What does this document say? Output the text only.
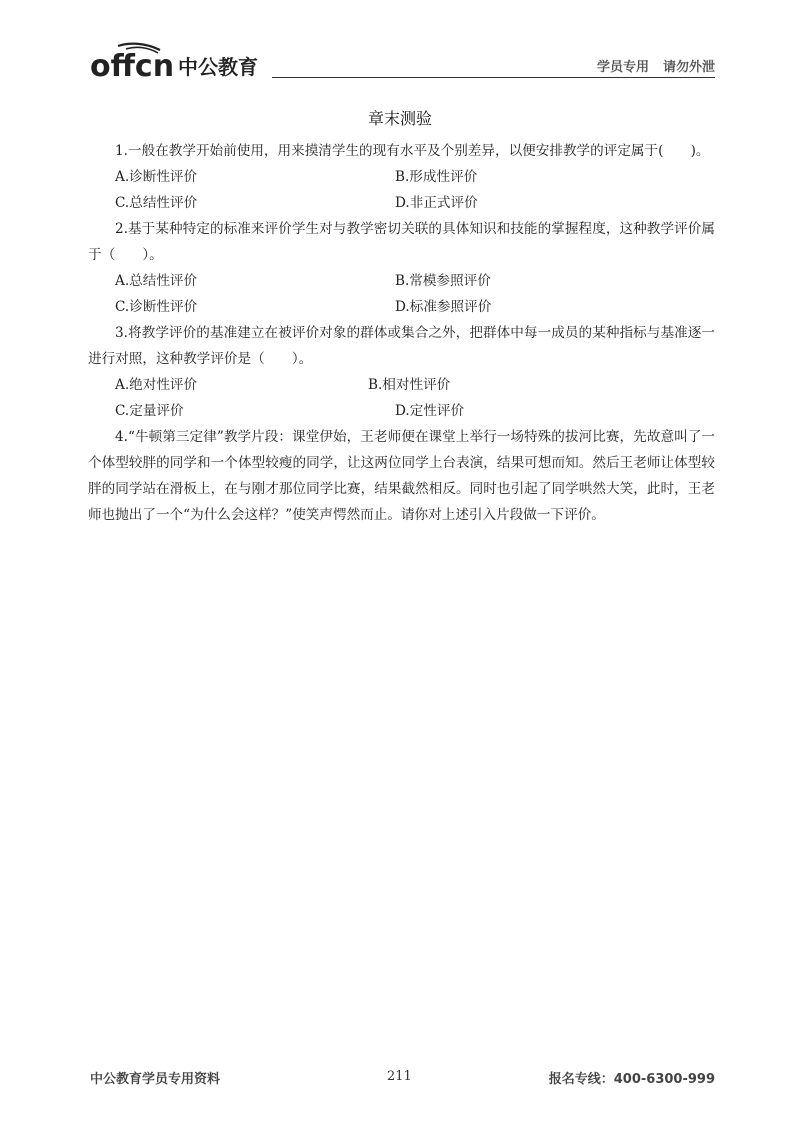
offcn 中公教育	学员专用 请勿外泄
章末测验

1.一般在教学开始前使用，用来摸清学生的现有水平及个别差异，以便安排教学的评定属于(　　)。

A.诊断性评价	B.形成性评价
C.总结性评价	D.非正式评价

2.基于某种特定的标准来评价学生对与教学密切关联的具体知识和技能的掌握程度，这种教学评价属于（　　）。

A.总结性评价	B.常模参照评价
C.诊断性评价	D.标准参照评价

3.将教学评价的基准建立在被评价对象的群体或集合之外，把群体中每一成员的某种指标与基准逐一进行对照，这种教学评价是（　　）。

A.绝对性评价	B.相对性评价
C.定量评价	D.定性评价

4.“牛顿第三定律”教学片段：课堂伊始，王老师便在课堂上举行一场特殊的拔河比赛，先故意叫了一个体型较胖的同学和一个体型较瘦的同学，让这两位同学上台表演，结果可想而知。然后王老师让体型较胖的同学站在滑板上，在与刚才那位同学比赛，结果截然相反。同时也引起了同学哄然大笑，此时，王老师也抛出了一个“为什么会这样？”使笑声愕然而止。请你对上述引入片段做一下评价。

中公教育学员专用资料	211	报名专线：400-6300-999
